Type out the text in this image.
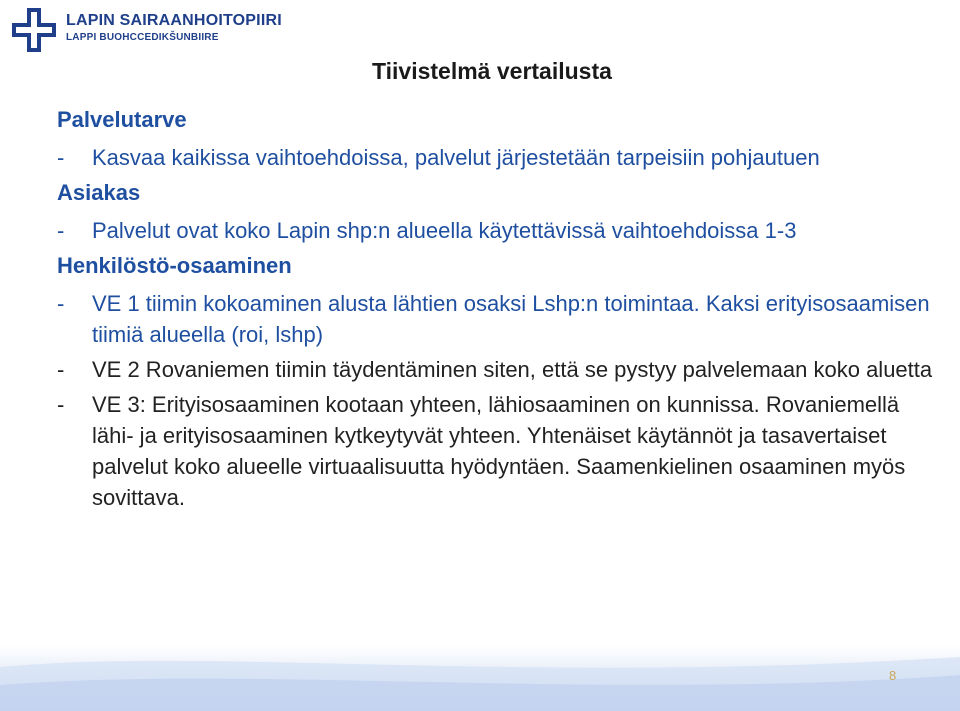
LAPIN SAIRAANHOITOPIIRI
LAPPI BUOHCCEDIKŠUNBIIRE
Tiivistelmä vertailusta
Palvelutarve
-	Kasvaa kaikissa vaihtoehdoissa, palvelut järjestetään tarpeisiin pohjautuen
Asiakas
-	Palvelut ovat koko Lapin shp:n alueella käytettävissä vaihtoehdoissa 1-3
Henkilöstö-osaaminen
-	VE 1 tiimin kokoaminen alusta lähtien osaksi Lshp:n toimintaa. Kaksi erityisosaamisen tiimiä alueella (roi, lshp)
-	VE 2 Rovaniemen tiimin täydentäminen siten, että se pystyy palvelemaan koko aluetta
-	VE 3: Erityisosaaminen kootaan yhteen, lähiosaaminen on kunnissa. Rovaniemellä lähi- ja erityisosaaminen kytkeytyvät yhteen. Yhtenäiset käytännöt ja tasavertaiset palvelut koko alueelle virtuaalisuutta hyödyntäen. Saamenkielinen osaaminen myös sovittava.
8
